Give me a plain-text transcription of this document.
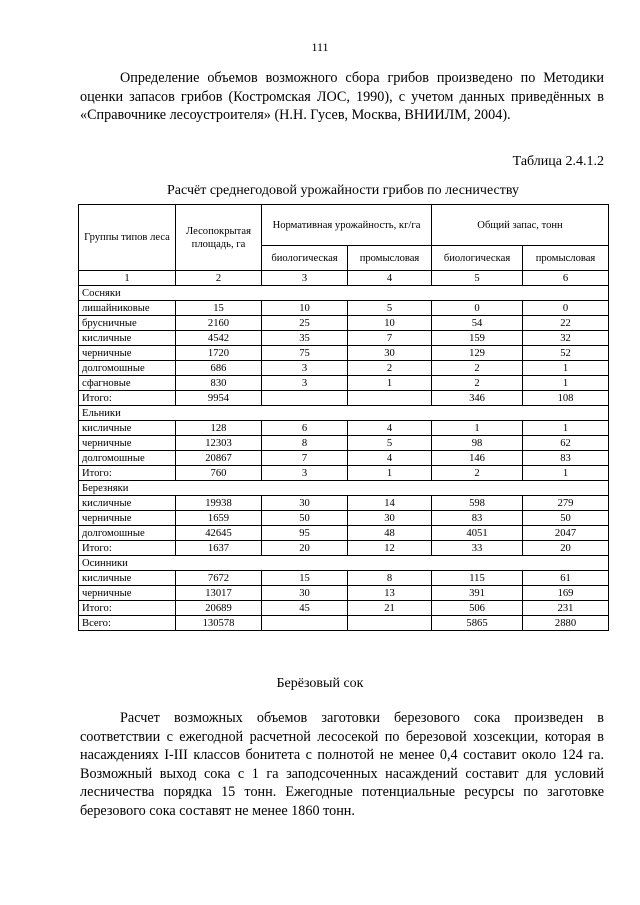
111

Определение объемов возможного сбора грибов произведено по Методики оценки запасов грибов (Костромская ЛОС, 1990), с учетом данных приведённых в «Справочнике лесоустроителя» (Н.Н. Гусев, Москва, ВНИИЛМ, 2004).

Таблица 2.4.1.2
Расчёт среднегодовой урожайности грибов по лесничеству
Группы типов леса	Лесопокрытая площадь, га	Нормативная урожайность, кг/га		Общий запас, тонн	
		биологическая	промысловая	биологическая	промысловая
1	2	3	4	5	6
Сосняки					
лишайниковые	15	10	5	0	0
брусничные	2160	25	10	54	22
кисличные	4542	35	7	159	32
черничные	1720	75	30	129	52
долгомошные	686	3	2	2	1
сфагновые	830	3	1	2	1
Итого:	9954			346	108
Ельники					
кисличные	128	6	4	1	1
черничные	12303	8	5	98	62
долгомошные	20867	7	4	146	83
Итого:	760	3	1	2	1
Березняки					
кисличные	19938	30	14	598	279
черничные	1659	50	30	83	50
долгомошные	42645	95	48	4051	2047
Итого:	1637	20	12	33	20
Осинники					
кисличные	7672	15	8	115	61
черничные	13017	30	13	391	169
Итого:	20689	45	21	506	231
Всего:	130578			5865	2880
Берёзовый сок

Расчет возможных объемов заготовки березового сока произведен в соответствии с ежегодной расчетной лесосекой по березовой хозсекции, которая в насаждениях I-III классов бонитета с полнотой не менее 0,4 составит около 124 га. Возможный выход сока с 1 га заподсоченных насаждений составит для условий лесничества порядка 15 тонн. Ежегодные потенциальные ресурсы по заготовке березового сока составят не менее 1860 тонн.
